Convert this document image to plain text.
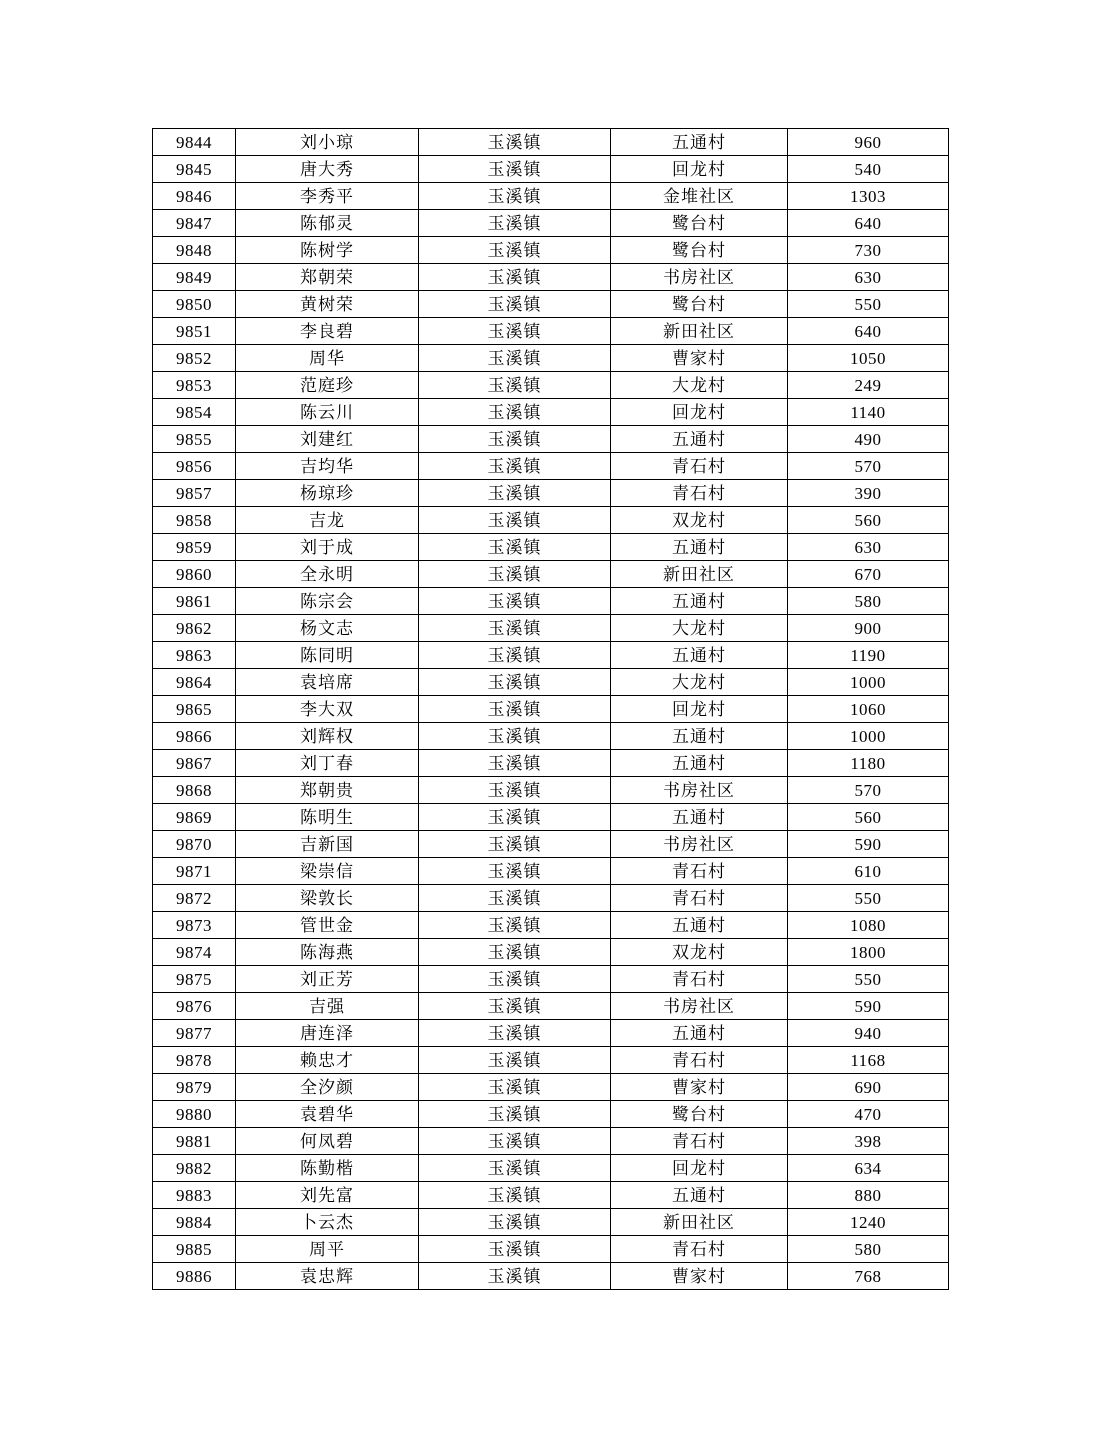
9844	刘小琼	玉溪镇	五通村	960
9845	唐大秀	玉溪镇	回龙村	540
9846	李秀平	玉溪镇	金堆社区	1303
9847	陈郁灵	玉溪镇	鹭台村	640
9848	陈树学	玉溪镇	鹭台村	730
9849	郑朝荣	玉溪镇	书房社区	630
9850	黄树荣	玉溪镇	鹭台村	550
9851	李良碧	玉溪镇	新田社区	640
9852	周华	玉溪镇	曹家村	1050
9853	范庭珍	玉溪镇	大龙村	249
9854	陈云川	玉溪镇	回龙村	1140
9855	刘建红	玉溪镇	五通村	490
9856	吉均华	玉溪镇	青石村	570
9857	杨琼珍	玉溪镇	青石村	390
9858	吉龙	玉溪镇	双龙村	560
9859	刘于成	玉溪镇	五通村	630
9860	全永明	玉溪镇	新田社区	670
9861	陈宗会	玉溪镇	五通村	580
9862	杨文志	玉溪镇	大龙村	900
9863	陈同明	玉溪镇	五通村	1190
9864	袁培席	玉溪镇	大龙村	1000
9865	李大双	玉溪镇	回龙村	1060
9866	刘辉权	玉溪镇	五通村	1000
9867	刘丁春	玉溪镇	五通村	1180
9868	郑朝贵	玉溪镇	书房社区	570
9869	陈明生	玉溪镇	五通村	560
9870	吉新国	玉溪镇	书房社区	590
9871	梁崇信	玉溪镇	青石村	610
9872	梁敦长	玉溪镇	青石村	550
9873	管世金	玉溪镇	五通村	1080
9874	陈海燕	玉溪镇	双龙村	1800
9875	刘正芳	玉溪镇	青石村	550
9876	吉强	玉溪镇	书房社区	590
9877	唐连泽	玉溪镇	五通村	940
9878	赖忠才	玉溪镇	青石村	1168
9879	全汐颜	玉溪镇	曹家村	690
9880	袁碧华	玉溪镇	鹭台村	470
9881	何凤碧	玉溪镇	青石村	398
9882	陈勤楷	玉溪镇	回龙村	634
9883	刘先富	玉溪镇	五通村	880
9884	卜云杰	玉溪镇	新田社区	1240
9885	周平	玉溪镇	青石村	580
9886	袁忠辉	玉溪镇	曹家村	768
